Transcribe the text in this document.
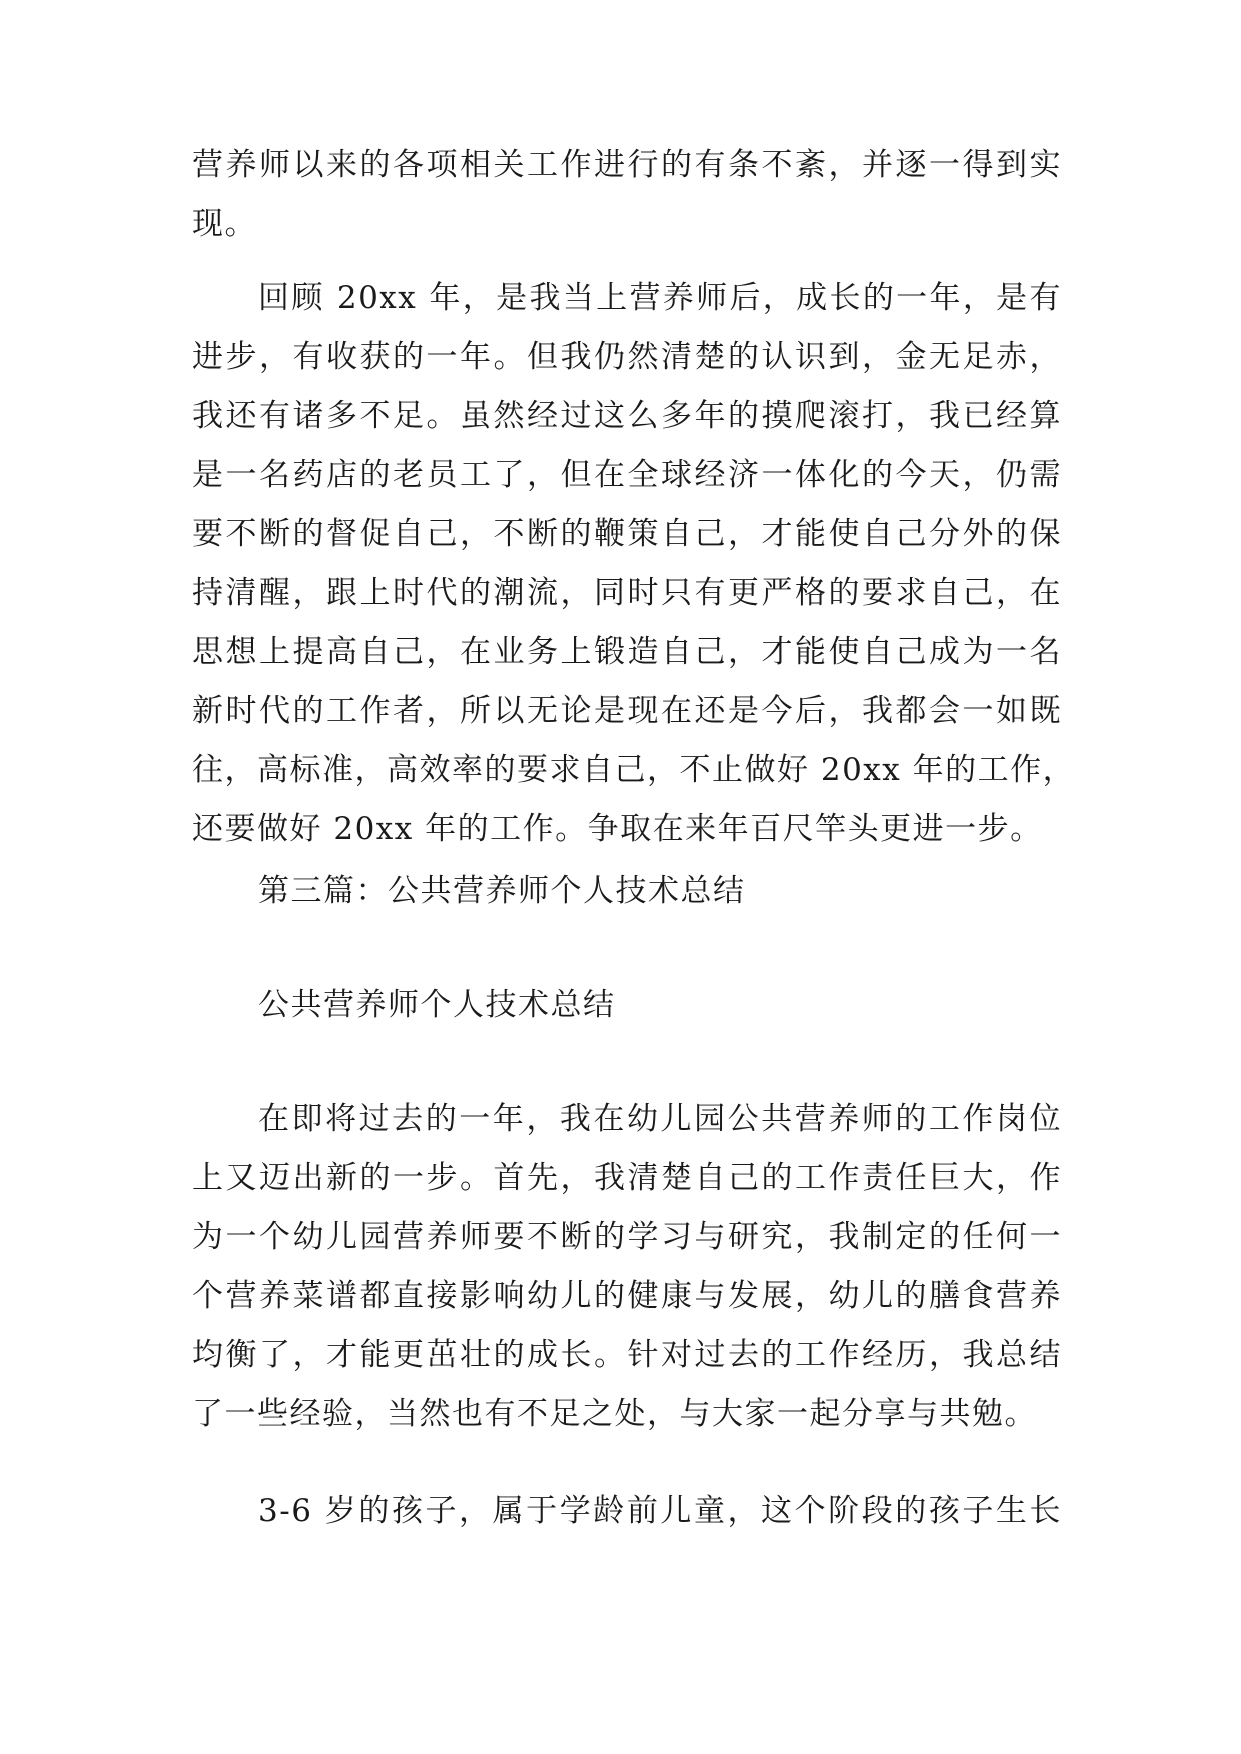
营养师以来的各项相关工作进行的有条不紊，并逐一得到实
现。
回顾 20xx 年，是我当上营养师后，成长的一年，是有
进步，有收获的一年。但我仍然清楚的认识到，金无足赤，
我还有诸多不足。虽然经过这么多年的摸爬滚打，我已经算
是一名药店的老员工了，但在全球经济一体化的今天，仍需
要不断的督促自己，不断的鞭策自己，才能使自己分外的保
持清醒，跟上时代的潮流，同时只有更严格的要求自己，在
思想上提高自己，在业务上锻造自己，才能使自己成为一名
新时代的工作者，所以无论是现在还是今后，我都会一如既
往，高标准，高效率的要求自己，不止做好 20xx 年的工作，
还要做好 20xx 年的工作。争取在来年百尺竿头更进一步。
第三篇：公共营养师个人技术总结
公共营养师个人技术总结
在即将过去的一年，我在幼儿园公共营养师的工作岗位
上又迈出新的一步。首先，我清楚自己的工作责任巨大，作
为一个幼儿园营养师要不断的学习与研究，我制定的任何一
个营养菜谱都直接影响幼儿的健康与发展，幼儿的膳食营养
均衡了，才能更茁壮的成长。针对过去的工作经历，我总结
了一些经验，当然也有不足之处，与大家一起分享与共勉。
3-6 岁的孩子，属于学龄前儿童，这个阶段的孩子生长
